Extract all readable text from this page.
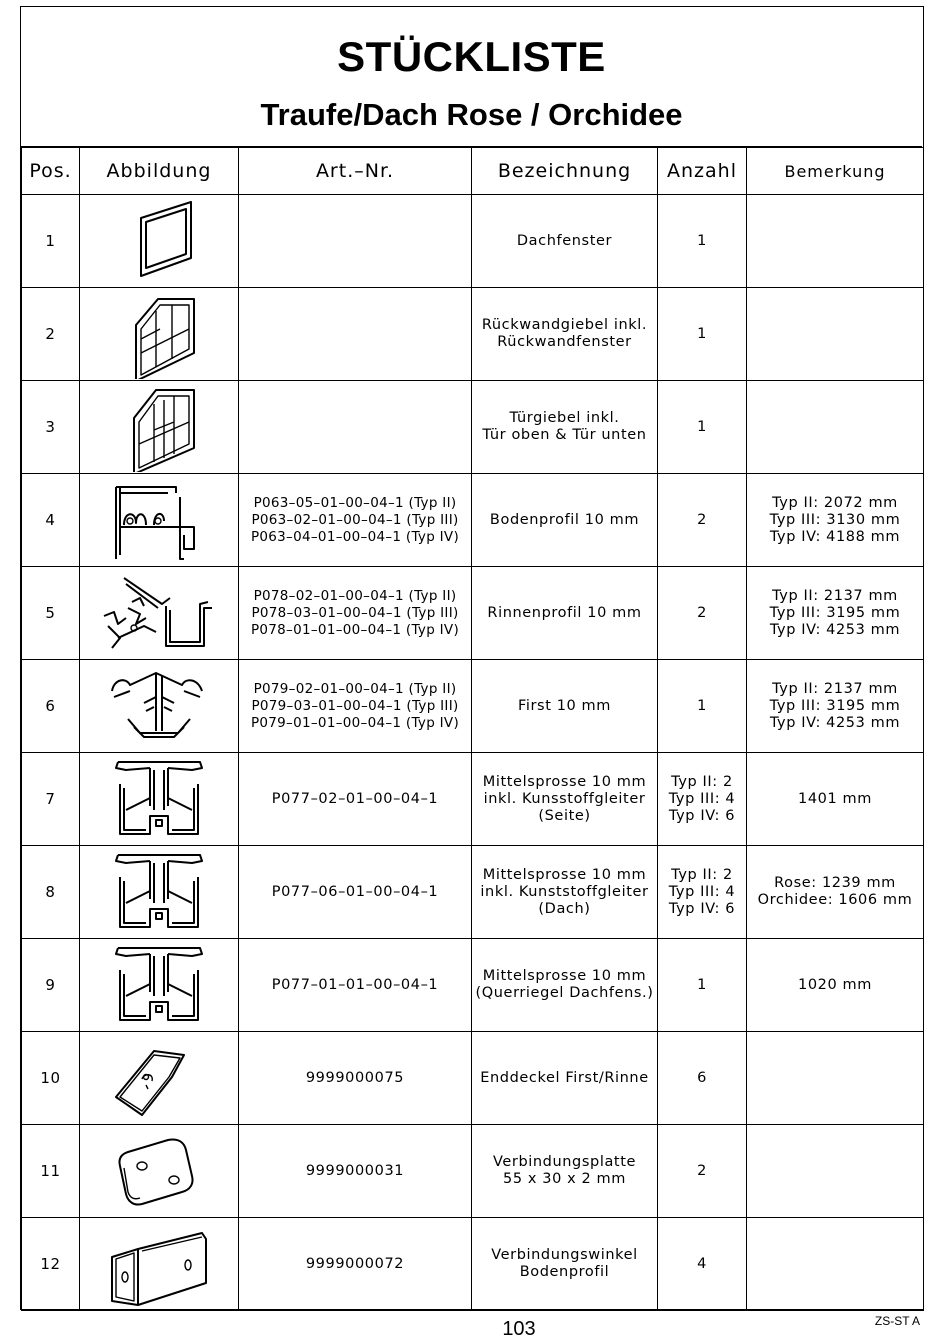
STÜCKLISTE
Traufe/Dach Rose / Orchidee
Pos.	Abbildung	Art.–Nr.	Bezeichnung	Anzahl	Bemerkung
1			Dachfenster	1	
2			Rückwandgiebel inkl.
Rückwandfenster	1	
3			Türgiebel inkl.
Tür oben & Tür unten	1	
4		P063–05–01–00–04–1 (Typ II)
P063–02–01–00–04–1 (Typ III)
P063–04–01–00–04–1 (Typ IV)	Bodenprofil 10 mm	2	Typ II: 2072 mm
Typ III: 3130 mm
Typ IV: 4188 mm
5		P078–02–01–00–04–1 (Typ II)
P078–03–01–00–04–1 (Typ III)
P078–01–01–00–04–1 (Typ IV)	Rinnenprofil 10 mm	2	Typ II: 2137 mm
Typ III: 3195 mm
Typ IV: 4253 mm
6		P079–02–01–00–04–1 (Typ II)
P079–03–01–00–04–1 (Typ III)
P079–01–01–00–04–1 (Typ IV)	First 10 mm	1	Typ II: 2137 mm
Typ III: 3195 mm
Typ IV: 4253 mm
7		P077–02–01–00–04–1	Mittelsprosse 10 mm
inkl. Kunsstoffgleiter
(Seite)	Typ II: 2
Typ III: 4
Typ IV: 6	1401 mm
8		P077–06–01–00–04–1	Mittelsprosse 10 mm
inkl. Kunststoffgleiter
(Dach)	Typ II: 2
Typ III: 4
Typ IV: 6	Rose: 1239 mm
Orchidee: 1606 mm
9		P077–01–01–00–04–1	Mittelsprosse 10 mm
(Querriegel Dachfens.)	1	1020 mm
10		9999000075	Enddeckel First/Rinne	6	
11		9999000031	Verbindungsplatte
55 x 30 x 2 mm	2	
12		9999000072	Verbindungswinkel
Bodenprofil	4	
103	ZS-ST A
